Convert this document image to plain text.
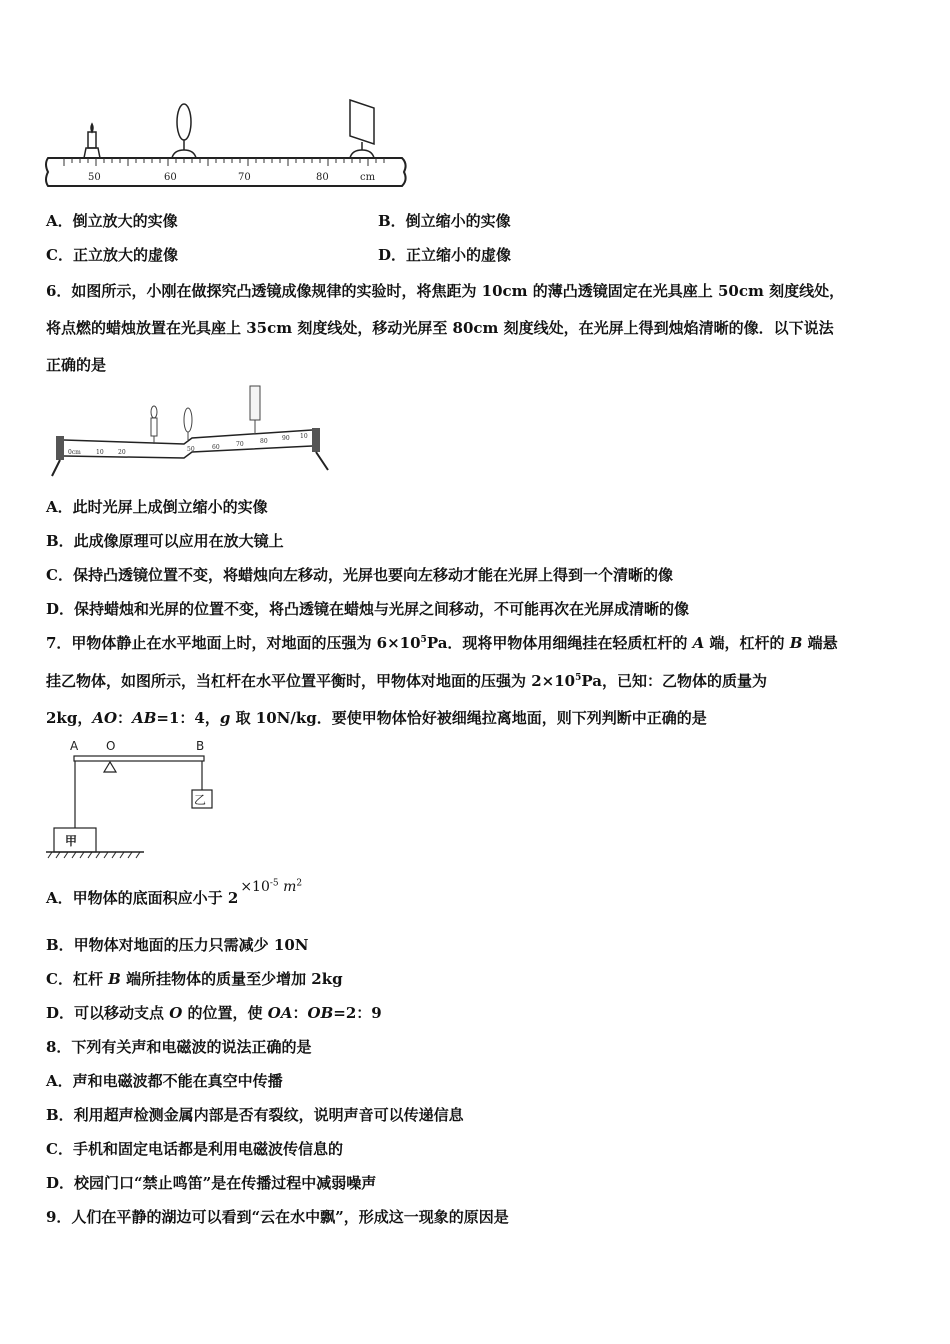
50	60	70	80	cm
A．倒立放大的实像	B．倒立缩小的实像
C．正立放大的虚像	D．正立缩小的虚像
6．如图所示，小刚在做探究凸透镜成像规律的实验时，将焦距为 10cm 的薄凸透镜固定在光具座上 50cm 刻度线处，
将点燃的蜡烛放置在光具座上 35cm 刻度线处，移动光屏至 80cm 刻度线处，在光屏上得到烛焰清晰的像．以下说法
正确的是
0cm	10 20	50	60	70	80 90 10
A．此时光屏上成倒立缩小的实像
B．此成像原理可以应用在放大镜上
C．保持凸透镜位置不变，将蜡烛向左移动，光屏也要向左移动才能在光屏上得到一个清晰的像
D．保持蜡烛和光屏的位置不变，将凸透镜在蜡烛与光屏之间移动，不可能再次在光屏成清晰的像
7．甲物体静止在水平地面上时，对地面的压强为 $6\times 10^5Pa$．现将甲物体用细绳挂在轻质杠杆的 A 端，杠杆的 B 端悬
挂乙物体，如图所示，当杠杆在水平位置平衡时，甲物体对地面的压强为 $2\times 10^5Pa$，已知：乙物体的质量为
2kg，AO：AB=1：4，g 取 10N/kg．要使甲物体恰好被细绳拉离地面，则下列判断中正确的是
A O	B
乙
甲
A．甲物体的底面积应小于 $2\times 10^{-5}$ $m^2$
B．甲物体对地面的压力只需减少 10N
C．杠杆 B 端所挂物体的质量至少增加 2kg
D．可以移动支点 O 的位置，使 OA：OB=2：9
8．下列有关声和电磁波的说法正确的是
A．声和电磁波都不能在真空中传播
B．利用超声检测金属内部是否有裂纹，说明声音可以传递信息
C．手机和固定电话都是利用电磁波传信息的
D．校园门口“禁止鸣笛”是在传播过程中减弱噪声
9．人们在平静的湖边可以看到“云在水中飘”，形成这一现象的原因是
